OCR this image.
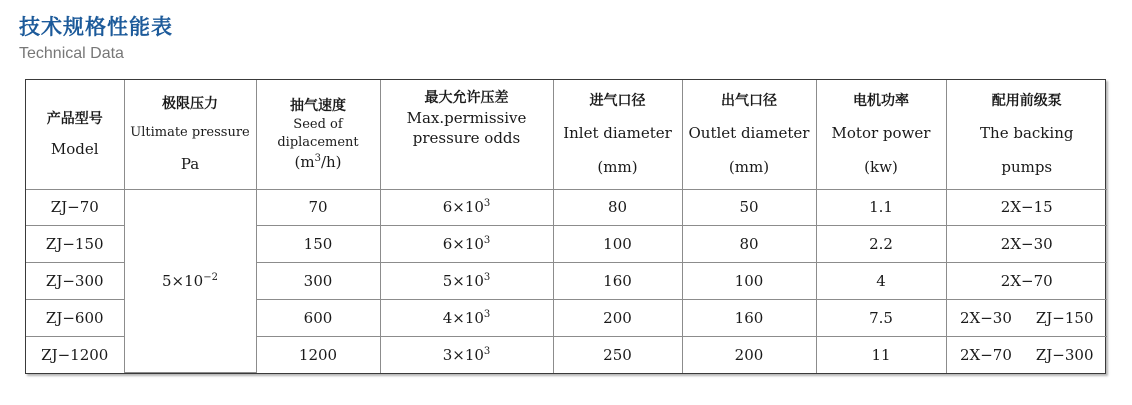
技术规格性能表
Technical Data
产品型号
Model	极限压力
Ultimate pressure
Pa	抽气速度
Seed of
diplacement
$(m^3/h)$	最大允许压差
Max.permissive
pressure odds	进气口径
Inlet diameter
(mm)	出气口径
Outlet diameter
(mm)	电机功率
Motor power
(kw)	配用前级泵
The backing
pumps

ZJ−70	$5\times 10^{-2}$	70	$6\times 10^3$	80	50	1.1	2X−15
ZJ−150		150	$6\times 10^3$	100	80	2.2	2X−30
ZJ−300		300	$5\times 10^3$	160	100	4	2X−70
ZJ−600		600	$4\times 10^3$	200	160	7.5	2X−30 ZJ−150

ZJ−1200		1200	$3\times 10^3$	250	200	11	2X−70 ZJ−300
